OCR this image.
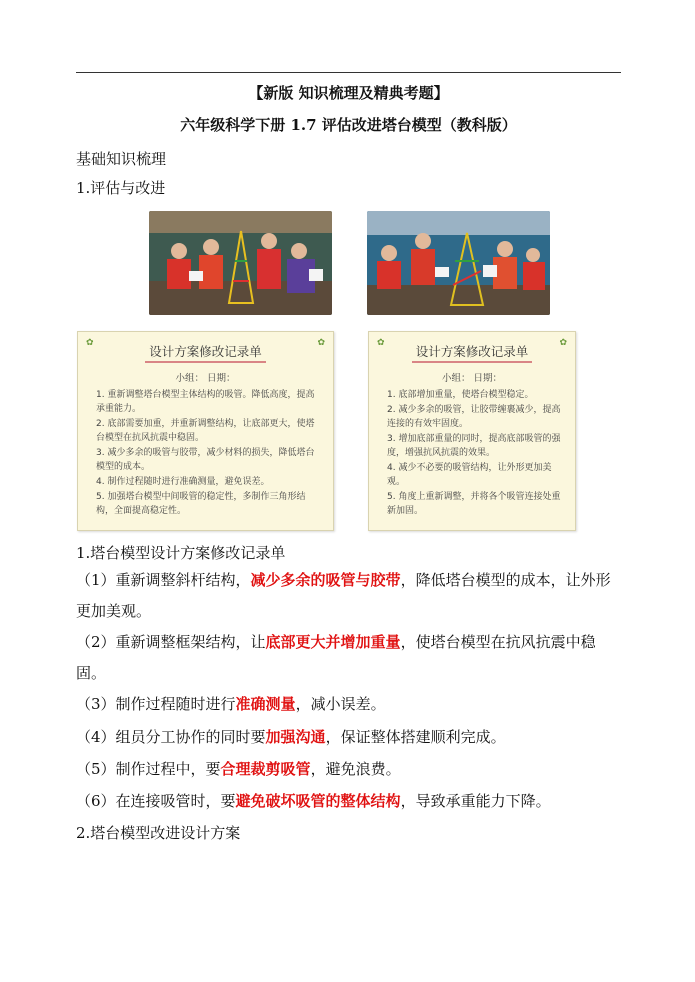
【新版 知识梳理及精典考题】
六年级科学下册 1.7 评估改进塔台模型（教科版）
基础知识梳理
1.评估与改进
✿	✿
设计方案修改记录单
小组： 日期：
1. 重新调整塔台模型主体结构的吸管。降低高度，提高承重能力。
2. 底部需要加重，并重新调整结构，让底部更大，使塔台模型在抗风抗震中稳固。
3. 减少多余的吸管与胶带，减少材料的损失，降低塔台模型的成本。
4. 制作过程随时进行准确测量，避免误差。
5. 加强塔台模型中间吸管的稳定性，多制作三角形结构，全面提高稳定性。
✿	✿
设计方案修改记录单
小组： 日期：
1. 底部增加重量，使塔台模型稳定。
2. 减少多余的吸管，让胶带缠裹减少，提高连接的有效牢固度。
3. 增加底部重量的同时，提高底部吸管的强度，增强抗风抗震的效果。
4. 减少不必要的吸管结构，让外形更加美观。
5. 角度上重新调整，并将各个吸管连接处重新加固。
1.塔台模型设计方案修改记录单
（1）重新调整斜杆结构，减少多余的吸管与胶带，降低塔台模型的成本，让外形更加美观。
（2）重新调整框架结构，让底部更大并增加重量，使塔台模型在抗风抗震中稳固。
（3）制作过程随时进行准确测量，减小误差。
（4）组员分工协作的同时要加强沟通，保证整体搭建顺利完成。
（5）制作过程中，要合理裁剪吸管，避免浪费。
（6）在连接吸管时，要避免破坏吸管的整体结构，导致承重能力下降。
2.塔台模型改进设计方案
